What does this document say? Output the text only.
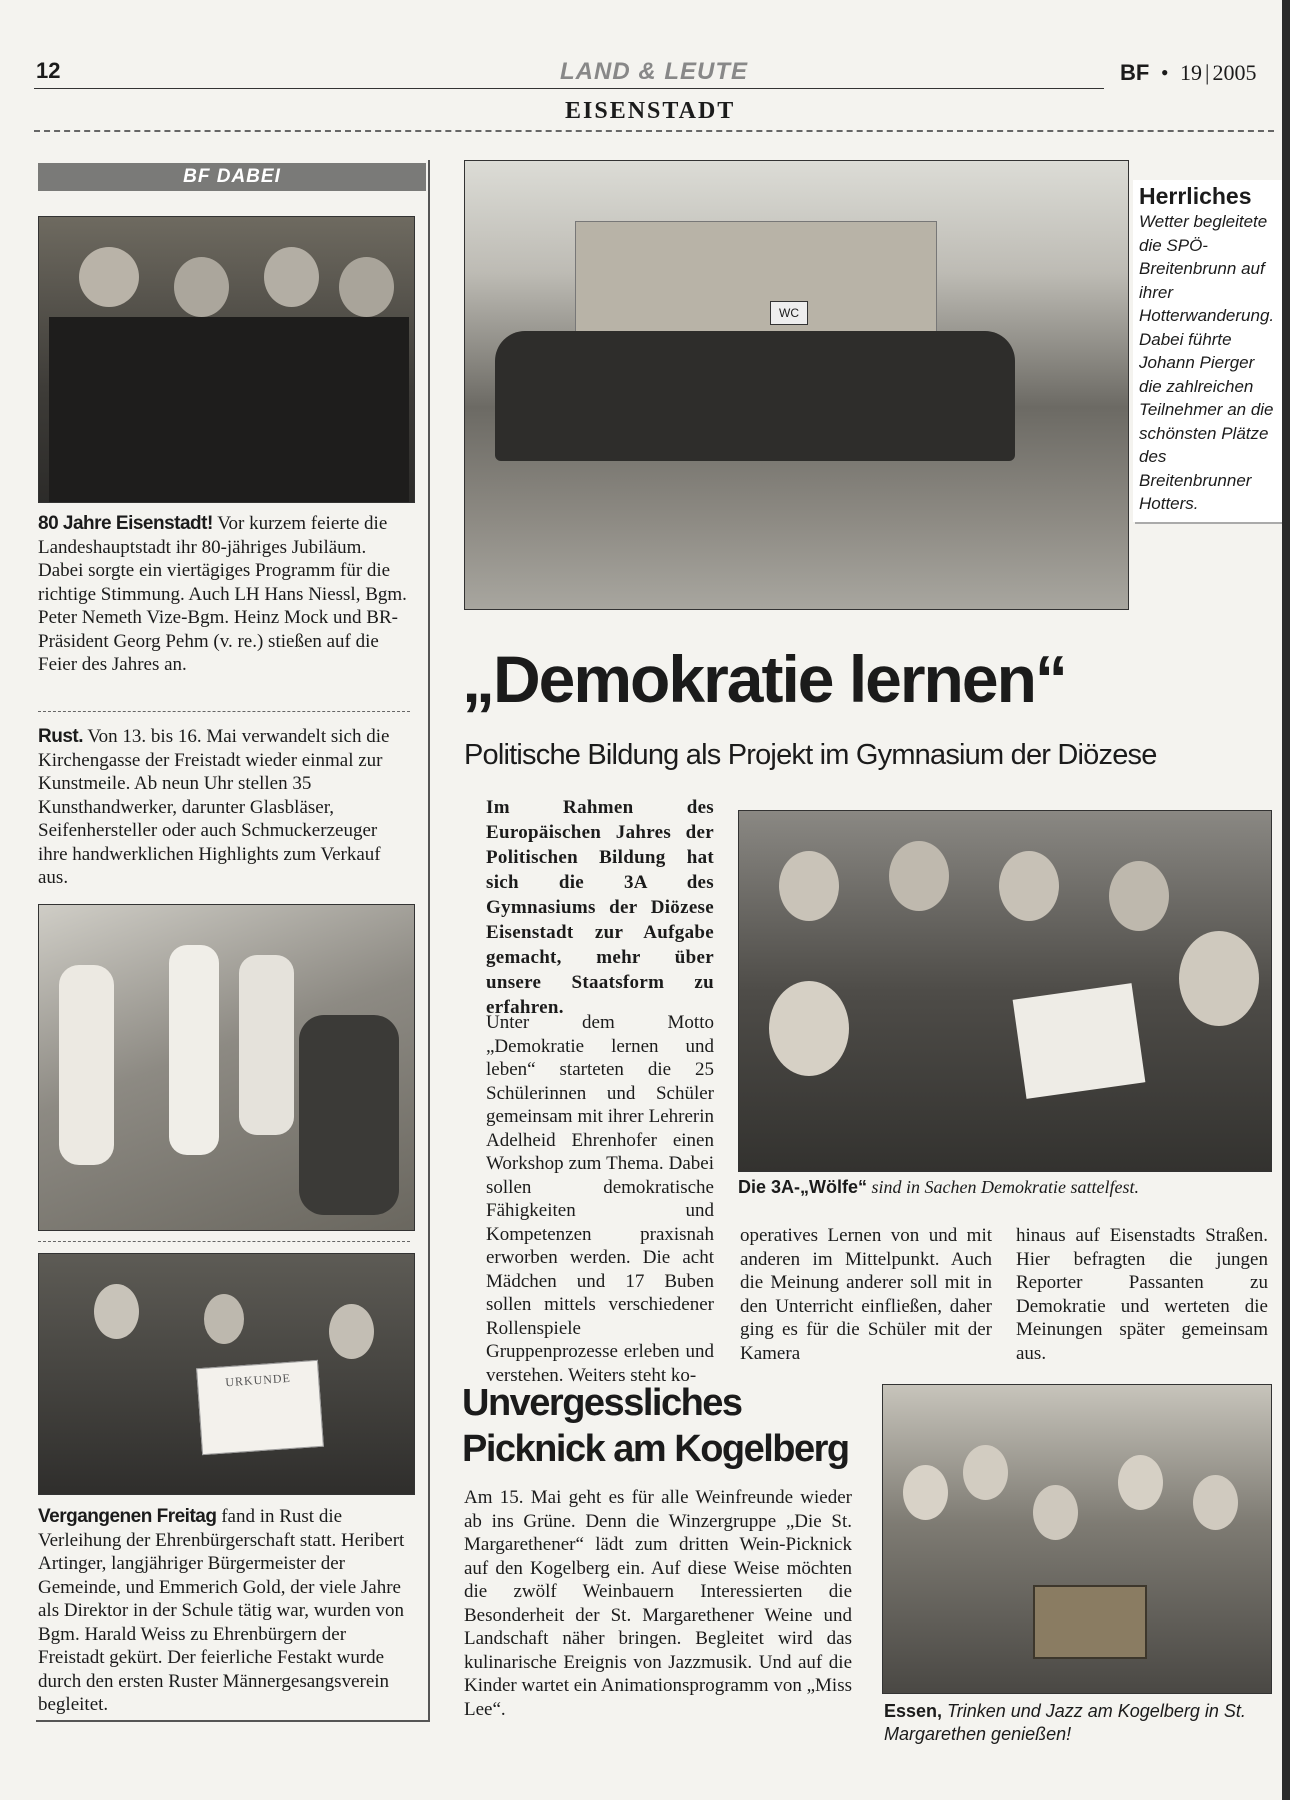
12	LAND & LEUTE
EISENSTADT
BF • 19 | 2005
BF DABEI
80 Jahre Eisenstadt! Vor kurzem feierte die Landeshauptstadt ihr 80-jähriges Jubiläum. Dabei sorgte ein viertägiges Programm für die richtige Stimmung. Auch LH Hans Niessl, Bgm. Peter Nemeth Vize-Bgm. Heinz Mock und BR-Präsident Georg Pehm (v. re.) stießen auf die Feier des Jahres an.
Rust. Von 13. bis 16. Mai verwandelt sich die Kirchengasse der Freistadt wieder einmal zur Kunstmeile. Ab neun Uhr stellen 35 Kunsthandwerker, darunter Glasbläser, Seifenhersteller oder auch Schmuckerzeuger ihre handwerklichen Highlights zum Verkauf aus.
URKUNDE
Vergangenen Freitag fand in Rust die Verleihung der Ehrenbürgerschaft statt. Heribert Artinger, langjähriger Bürgermeister der Gemeinde, und Emmerich Gold, der viele Jahre als Direktor in der Schule tätig war, wurden von Bgm. Harald Weiss zu Ehrenbürgern der Freistadt gekürt. Der feierliche Festakt wurde durch den ersten Ruster Männergesangsverein begleitet.
WC
Herrliches
Wetter begleitete die SPÖ-Breitenbrunn auf ihrer Hotterwanderung. Dabei führte Johann Pierger die zahlreichen Teilnehmer an die schönsten Plätze des Breitenbrunner Hotters.
„Demokratie lernen“
Politische Bildung als Projekt im Gymnasium der Diözese
Im Rahmen des Europäischen Jahres der Politischen Bildung hat sich die 3A des Gymnasiums der Diözese Eisenstadt zur Aufgabe gemacht, mehr über unsere Staatsform zu erfahren.
Unter dem Motto „Demokratie lernen und leben“ starteten die 25 Schülerinnen und Schüler gemeinsam mit ihrer Lehrerin Adelheid Ehrenhofer einen Workshop zum Thema. Dabei sollen demokratische Fähigkeiten und Kompetenzen praxisnah erworben werden. Die acht Mädchen und 17 Buben sollen mittels verschiedener Rollenspiele Gruppenprozesse erleben und verstehen. Weiters steht ko-
Die 3A-„Wölfe“ sind in Sachen Demokratie sattelfest.
operatives Lernen von und mit anderen im Mittelpunkt. Auch die Meinung anderer soll mit in den Unterricht einfließen, daher ging es für die Schüler mit der Kamera
hinaus auf Eisenstadts Straßen. Hier befragten die jungen Reporter Passanten zu Demokratie und werteten die Meinungen später gemeinsam aus.
Unvergessliches
Picknick am Kogelberg
Am 15. Mai geht es für alle Weinfreunde wieder ab ins Grüne. Denn die Winzergruppe „Die St. Margarethener“ lädt zum dritten Wein-Picknick auf den Kogelberg ein. Auf diese Weise möchten die zwölf Weinbauern Interessierten die Besonderheit der St. Margarethener Weine und Landschaft näher bringen. Begleitet wird das kulinarische Ereignis von Jazzmusik. Und auf die Kinder wartet ein Animationsprogramm von „Miss Lee“.	Essen, Trinken und Jazz am Kogelberg in St. Margarethen genießen!
